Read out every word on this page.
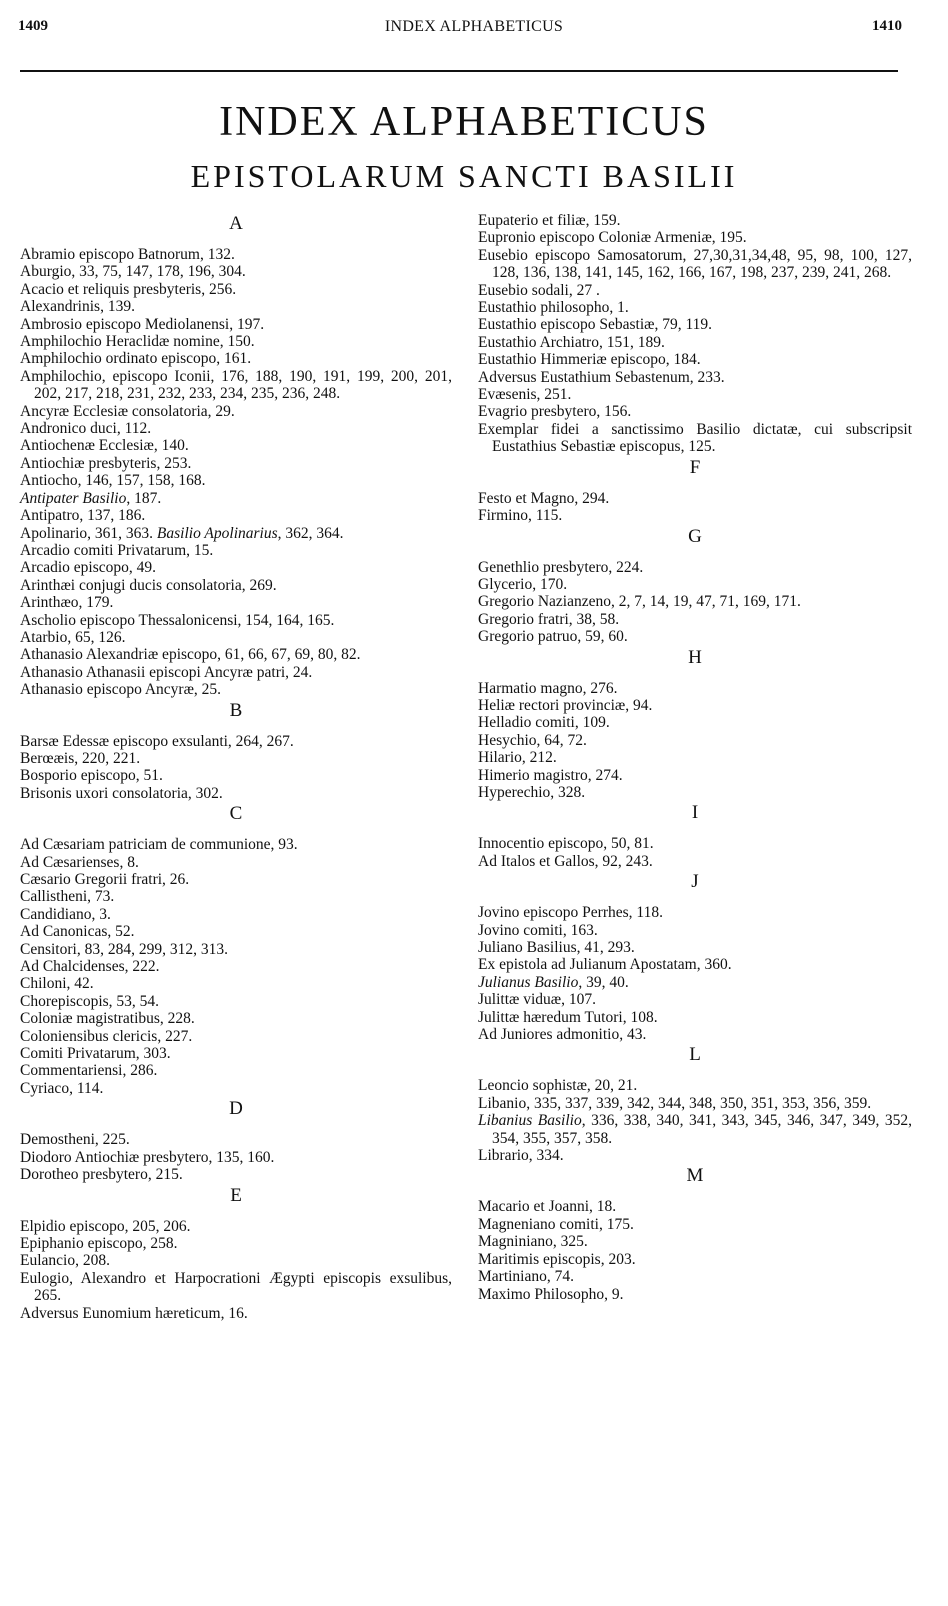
1409	INDEX ALPHABETICUS	1410
INDEX ALPHABETICUS
EPISTOLARUM SANCTI BASILII
A
Abramio episcopo Batnorum, 132.
Aburgio, 33, 75, 147, 178, 196, 304.
Acacio et reliquis presbyteris, 256.
Alexandrinis, 139.
Ambrosio episcopo Mediolanensi, 197.
Amphilochio Heraclidæ nomine, 150.
Amphilochio ordinato episcopo, 161.
Amphilochio, episcopo Iconii, 176, 188, 190, 191, 199, 200, 201, 202, 217, 218, 231, 232, 233, 234, 235, 236, 248.
Ancyræ Ecclesiæ consolatoria, 29.
Andronico duci, 112.
Antiochenæ Ecclesiæ, 140.
Antiochiæ presbyteris, 253.
Antiocho, 146, 157, 158, 168.
Antipater Basilio, 187.
Antipatro, 137, 186.
Apolinario, 361, 363. Basilio Apolinarius, 362, 364.
Arcadio comiti Privatarum, 15.
Arcadio episcopo, 49.
Arinthæi conjugi ducis consolatoria, 269.
Arinthæo, 179.
Ascholio episcopo Thessalonicensi, 154, 164, 165.
Atarbio, 65, 126.
Athanasio Alexandriæ episcopo, 61, 66, 67, 69, 80, 82.
Athanasio Athanasii episcopi Ancyræ patri, 24.
Athanasio episcopo Ancyræ, 25.
B
Barsæ Edessæ episcopo exsulanti, 264, 267.
Berœæis, 220, 221.
Bosporio episcopo, 51.
Brisonis uxori consolatoria, 302.
C
Ad Cæsariam patriciam de communione, 93.
Ad Cæsarienses, 8.
Cæsario Gregorii fratri, 26.
Callistheni, 73.
Candidiano, 3.
Ad Canonicas, 52.
Censitori, 83, 284, 299, 312, 313.
Ad Chalcidenses, 222.
Chiloni, 42.
Chorepiscopis, 53, 54.
Coloniæ magistratibus, 228.
Coloniensibus clericis, 227.
Comiti Privatarum, 303.
Commentariensi, 286.
Cyriaco, 114.
D
Demostheni, 225.
Diodoro Antiochiæ presbytero, 135, 160.
Dorotheo presbytero, 215.
E
Elpidio episcopo, 205, 206.
Epiphanio episcopo, 258.
Eulancio, 208.
Eulogio, Alexandro et Harpocrationi Ægypti episcopis exsulibus, 265.
Adversus Eunomium hæreticum, 16.
Eupaterio et filiæ, 159.
Eupronio episcopo Coloniæ Armeniæ, 195.
Eusebio episcopo Samosatorum, 27,30,31,34,48, 95, 98, 100, 127, 128, 136, 138, 141, 145, 162, 166, 167, 198, 237, 239, 241, 268.
Eusebio sodali, 27 .
Eustathio philosopho, 1.
Eustathio episcopo Sebastiæ, 79, 119.
Eustathio Archiatro, 151, 189.
Eustathio Himmeriæ episcopo, 184.
Adversus Eustathium Sebastenum, 233.
Evæsenis, 251.
Evagrio presbytero, 156.
Exemplar fidei a sanctissimo Basilio dictatæ, cui subscripsit Eustathius Sebastiæ episcopus, 125.
F
Festo et Magno, 294.
Firmino, 115.
G
Genethlio presbytero, 224.
Glycerio, 170.
Gregorio Nazianzeno, 2, 7, 14, 19, 47, 71, 169, 171.
Gregorio fratri, 38, 58.
Gregorio patruo, 59, 60.
H
Harmatio magno, 276.
Heliæ rectori provinciæ, 94.
Helladio comiti, 109.
Hesychio, 64, 72.
Hilario, 212.
Himerio magistro, 274.
Hyperechio, 328.
I
Innocentio episcopo, 50, 81.
Ad Italos et Gallos, 92, 243.
J
Jovino episcopo Perrhes, 118.
Jovino comiti, 163.
Juliano Basilius, 41, 293.
Ex epistola ad Julianum Apostatam, 360.
Julianus Basilio, 39, 40.
Julittæ viduæ, 107.
Julittæ hæredum Tutori, 108.
Ad Juniores admonitio, 43.
L
Leoncio sophistæ, 20, 21.
Libanio, 335, 337, 339, 342, 344, 348, 350, 351, 353, 356, 359.
Libanius Basilio, 336, 338, 340, 341, 343, 345, 346, 347, 349, 352, 354, 355, 357, 358.
Librario, 334.
M
Macario et Joanni, 18.
Magneniano comiti, 175.
Magniniano, 325.
Maritimis episcopis, 203.
Martiniano, 74.
Maximo Philosopho, 9.
